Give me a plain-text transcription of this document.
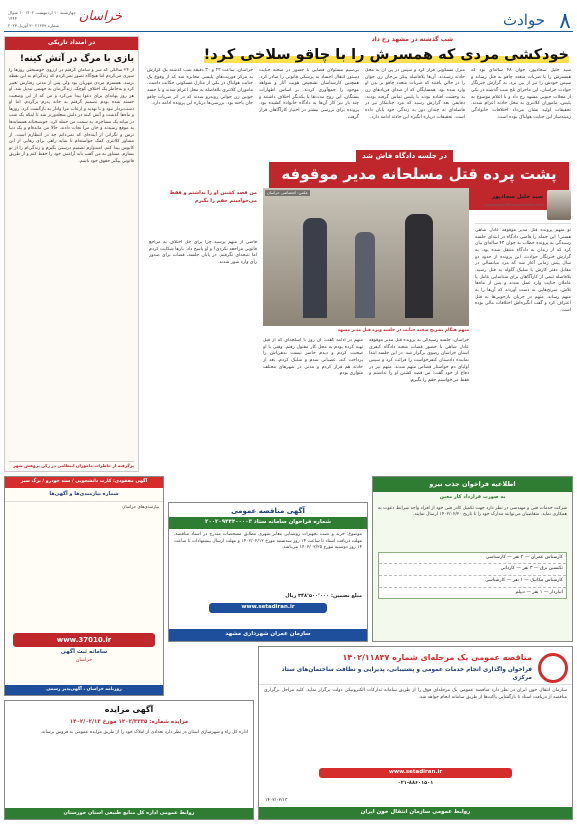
۸
حوادث
خراسان
چهارشنبه ۱۰ اردیبهشت ۱۴۰۲ ۱۰ شوال ۱۴۴۴
شماره ۲۱۳۷۹ ۳۰ آوریل ۲۰۲۳
در امتداد تاریکی
بازی با مرگ در آتش کینه!
از ۲۴ سالگی که سر و سامان گرفتم در آرزوی خوشبختی روزها را سپری می‌کردم اما هیچ‌گاه تصور نمی‌کردم که زندگی‌ام به این نقطه برسد. همسرم مردی مهربان بود ولی پس از مدتی رفتارش تغییر کرد و به‌خاطر یک اختلاف کوچک، زندگی‌مان به جهنمی تبدیل شد. او هر روز بهانه‌ای برای دعوا پیدا می‌کرد و من که از این وضعیت خسته شده بودم تصمیم گرفتم به خانه پدرم برگردم. اما او دست‌بردار نبود و با تهدید و ارعاب مرا وادار به بازگشت کرد. روزها و ماه‌ها گذشت و آتش کینه در دلش شعله‌ورتر شد تا اینکه یک شب در میانه یک مشاجره، به سمت من حمله کرد. خوشبختانه همسایه‌ها به موقع رسیدند و جان مرا نجات دادند. حالا من مانده‌ام و یک دنیا ترس و نگرانی از آینده‌ای که نمی‌دانم چه در انتظارم است. از مشاور کلانتری کمک خواسته‌ام تا شاید راهی برای رهایی از این کابوس پیدا کنم. امیدوارم تصمیم درستی بگیرم و زندگی‌ام را از نو بسازم. مشاور به من گفت باید آرامش خود را حفظ کنم و از طریق قانونی پیگیر حقوق خود باشم.
برگرفته از خاطرات ماموران انتظامی در رکن پژوهش شهر
شب گذشته در مشهد رخ داد
خودکشی مردی که همسرش را با چاقو سلاخی کرد!
سید خلیل سجادپور، جوان ۴۸ ساله‌ای بود که همسرش را با ضربات متعدد چاقو به قتل رساند و سپس خودش را نیز از بین برد. به گزارش خبرنگار حوادث خراسان، این ماجرای تلخ شب گذشته در یکی از محلات جنوبی مشهد رخ داد و با اعلام موضوع به پلیس، ماموران کلانتری به محل حادثه اعزام شدند. تحقیقات اولیه نشان می‌داد اختلافات خانوادگی زمینه‌ساز این جنایت هولناک بوده است.
منزل مسکونی فرار کرد و سپس در پی آن به محل حادثه رسیدند. آن‌ها بلافاصله پیکر بی‌جان زن جوان را در حالی یافتند که ضربات متعدد چاقو بر بدن او وارد شده بود. همسایگان که از صدای فریادهای زن به وحشت افتاده بودند با پلیس تماس گرفته بودند. دقایقی بعد گزارش رسید که مرد جنایتکار نیز در فاصله‌ای نه چندان دور به زندگی خود پایان داده است. تحقیقات درباره انگیزه این حادثه ادامه دارد.
بی‌سیم مسئولان قضایی با حضور در صحنه جنایت دستور انتقال اجساد به پزشکی قانونی را صادر کرد. همچنین کارشناسان تشخیص هویت آثار و شواهد موجود را جمع‌آوری کردند. بر اساس اظهارات بستگان، این زوج مدت‌ها با یکدیگر اختلاف داشتند و چند بار نیز کار آن‌ها به دادگاه خانواده کشیده بود. پرونده برای بررسی بیشتر در اختیار کارآگاهان قرار گرفت.
خراسان، ساعت ۲۲ و ۳۰ دقیقه شب گذشته یک گزارش به مرکز فوریت‌های پلیسی مخابره شد که از وقوع یک جنایت هولناک در یکی از منازل مسکونی حکایت داشت. ماموران کلانتری بلافاصله به محل اعزام شدند و با جسد خونین زن جوانی روبه‌رو شدند که در اثر ضربات چاقو جان باخته بود. بررسی‌ها درباره این پرونده ادامه دارد.
در جلسه دادگاه فاش شد
پشت پرده قتل مسلحانه مدیر موقوفه
سید خلیل سجادپور
s.sajjadpoor@khorasannews.com
تو متهم پرونده قتل مدیر موقوفه عادل شاهی هستی! این جمله را قاضی دادگاه در ابتدای جلسه رسیدگی به پرونده خطاب به جوان ۴۲ ساله‌ای بیان کرد که از زندان به دادگاه منتقل شده بود. به گزارش خبرنگار حوادث، این پرونده از حدود دو سال پیش زمانی آغاز شد که مرد میانسالی در مقابل دفتر کارش با شلیک گلوله به قتل رسید. بلافاصله تیمی از کارآگاهان برای شناسایی عامل یا عاملان جنایت وارد عمل شدند و پس از ماه‌ها تلاش، سرنخ‌هایی به دست آوردند که آن‌ها را به متهم رساند. متهم در جریان بازجویی‌ها به قتل اعتراف کرد و گفت انگیزه‌اش اختلافات مالی بوده است.
عکس: اختصاصی خراسان
متهم هنگام تشریح صحنه جنایت در جلسه ویژه قتل مدیر مشهد
خراسان، جلسه رسیدگی به پرونده قتل مدیر موقوفه عادل شاهی با حضور قضات شعبه دادگاه کیفری استان خراسان رضوی برگزار شد. در این جلسه ابتدا نماینده دادستان کیفرخواست را قرائت کرد و سپس اولیای دم خواستار قصاص متهم شدند. متهم نیز در دفاع از خود گفت: من قصد کشتن او را نداشتم و فقط می‌خواستم حقم را بگیرم.
متهم در ادامه گفت: آن روز با اسلحه‌ای که از قبل تهیه کرده بودم به محل کار مقتول رفتم. وقتی با او صحبت کردم و دیدم حاضر نیست بدهی‌اش را پرداخت کند، عصبانی شدم و شلیک کردم. بعد از حادثه هم فرار کردم و مدتی در شهرهای مختلف متواری بودم.
من قصد کشتن او را نداشتم و فقط می‌خواستم حقم را بگیرم
قاضی از متهم پرسید چرا برای حل اختلاف به مراجع قانونی مراجعه نکردی؟ و او پاسخ داد: بارها شکایت کردم اما نتیجه‌ای نگرفتم. در پایان جلسه، قضات برای صدور رأی وارد شور شدند.
آگهی مفقودی: کارت دانشجویی / سند خودرو / برگ سبز
شماره نیازمندی‌ها و آگهی‌ها

نیازمندی‌های خراسان

www.37010.ir
سامانه ثبت آگهی
خراسان
روزنامه خراسان ، آگهی‌پذیر رسمی
آگهی مناقصه عمومی
شماره فراخوان سامانه ستاد ۲۰۰۲۰۹۴۴۴۰۰۰۰۳
موضوع: خرید و نصب تجهیزات روشنایی معابر شهری مطابق مشخصات مندرج در اسناد مناقصه. مهلت دریافت اسناد تا ساعت ۱۴ روز سه‌شنبه مورخ ۱۴۰۲/۰۲/۱۲ و مهلت ارسال پیشنهادات تا ساعت ۱۴ روز دوشنبه مورخ ۱۴۰۲/۰۲/۲۵ می‌باشد.
مبلغ تضمین: ۳۴۸٬۵۰۰٬۰۰۰ ریال
www.setadiran.ir
سازمان عمران شهرداری مشهد
اطلاعیه فراخوان جذب نیرو
به صورت قرارداد کار معین
شرکت خدمات فنی و مهندسی در نظر دارد جهت تکمیل کادر فنی خود از افراد واجد شرایط دعوت به همکاری نماید. متقاضیان می‌توانند مدارک خود را تا تاریخ ۱۴۰۲/۰۲/۲۰ ارسال نمایند.
کارشناس عمران — ۲ نفر — کارشناسی
تکنسین برق — ۳ نفر — کاردانی
کارشناس مکانیک — ۱ نفر — کارشناسی
انباردار — ۱ نفر — دیپلم
آگهی مزایده
مزایده شماره: ۱۴۰۲/۳۳۳۵ مورخ ۱۴۰۲/۰۲/۱۳
اداره کل راه و شهرسازی استان در نظر دارد تعدادی از املاک خود را از طریق مزایده عمومی به فروش برساند.
روابط عمومی اداره کل منابع طبیعی استان خوزستان
مناقصه عمومی یک مرحله‌ای شماره ۱۴۰۲/۱۱۸۳۷
فراخوان واگذاری انجام خدمات عمومی و پشتیبانی، پذیرایی و نظافت ساختمان‌های ستاد مرکزی
سازمان انتقال خون ایران در نظر دارد مناقصه عمومی یک مرحله‌ای فوق را از طریق سامانه تدارکات الکترونیکی دولت برگزار نماید. کلیه مراحل برگزاری مناقصه از دریافت اسناد تا بازگشایی پاکت‌ها از طریق سامانه انجام خواهد شد.
www.setadiran.ir
۰۲۱-۸۸۶۰۱۵۰۱
۱۴۰۲/۰۲/۱۳
روابط عمومی سازمان انتقال خون ایران
